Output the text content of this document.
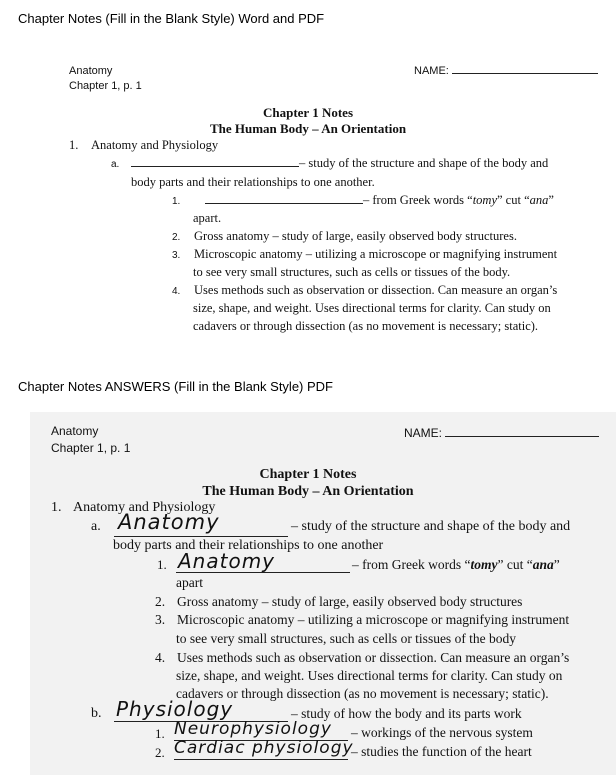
Chapter Notes (Fill in the Blank Style) Word and PDF
Anatomy
Chapter 1, p. 1
NAME:
Chapter 1 Notes
The Human Body – An Orientation
1. Anatomy and Physiology
a.	– study of the structure and shape of the body and
body parts and their relationships to one another.
1.	– from Greek words “tomy” cut “ana”
apart.
2. Gross anatomy – study of large, easily observed body structures.
3. Microscopic anatomy – utilizing a microscope or magnifying instrument
to see very small structures, such as cells or tissues of the body.
4. Uses methods such as observation or dissection. Can measure an organ’s
size, shape, and weight. Uses directional terms for clarity. Can study on
cadavers or through dissection (as no movement is necessary; static).
Chapter Notes ANSWERS (Fill in the Blank Style) PDF
Anatomy
Chapter 1, p. 1
NAME:
Chapter 1 Notes
The Human Body – An Orientation
1. Anatomy and Physiology
a. Anatomy	– study of the structure and shape of the body and
body parts and their relationships to one another
1. Anatomy	– from Greek words “tomy” cut “ana”
apart
2. Gross anatomy – study of large, easily observed body structures
3. Microscopic anatomy – utilizing a microscope or magnifying instrument
to see very small structures, such as cells or tissues of the body
4. Uses methods such as observation or dissection. Can measure an organ’s
size, shape, and weight. Uses directional terms for clarity. Can study on
cadavers or through dissection (as no movement is necessary; static).
b. Physiology	– study of how the body and its parts work
1. Neurophysiology – workings of the nervous system
2. Cardiac physiology
– studies the function of the heart
